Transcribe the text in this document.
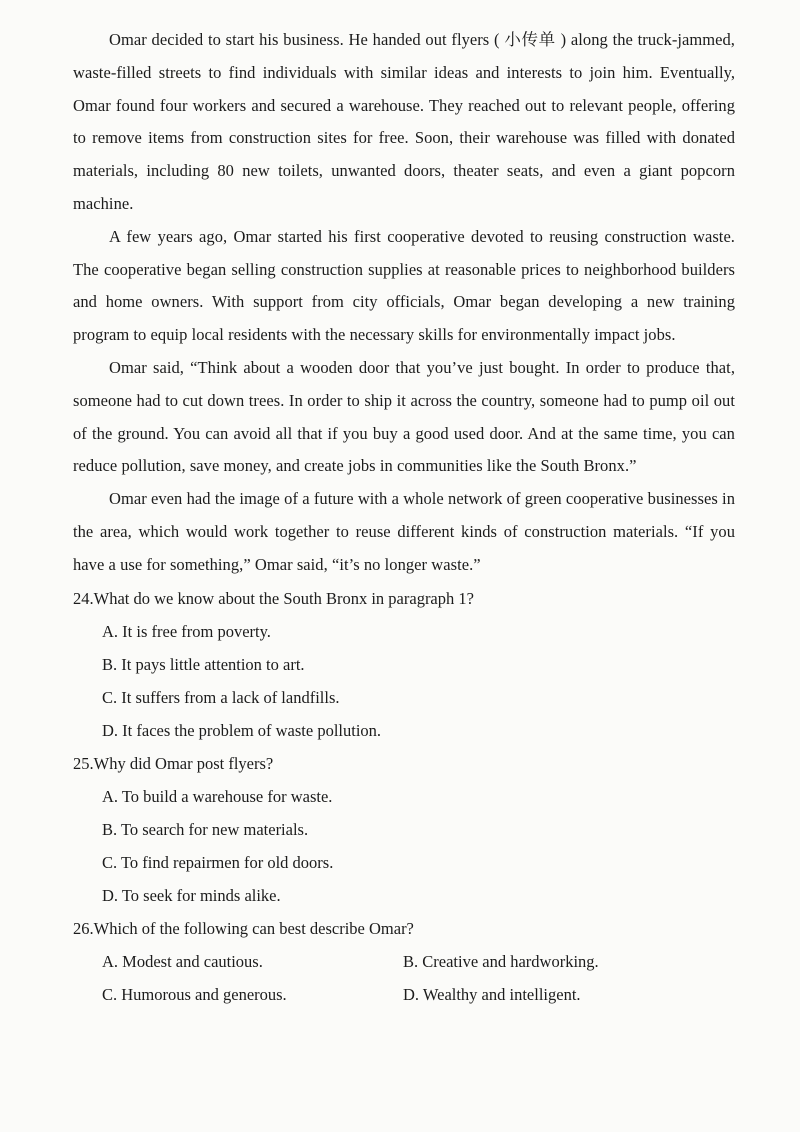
Omar decided to start his business. He handed out flyers ( 小传单 ) along the truck-jammed, waste-filled streets to find individuals with similar ideas and interests to join him. Eventually, Omar found four workers and secured a warehouse. They reached out to relevant people, offering to remove items from construction sites for free. Soon, their warehouse was filled with donated materials, including 80 new toilets, unwanted doors, theater seats, and even a giant popcorn machine.

A few years ago, Omar started his first cooperative devoted to reusing construction waste. The cooperative began selling construction supplies at reasonable prices to neighborhood builders and home owners. With support from city officials, Omar began developing a new training program to equip local residents with the necessary skills for environmentally impact jobs.

Omar said, “Think about a wooden door that you’ve just bought. In order to produce that, someone had to cut down trees. In order to ship it across the country, someone had to pump oil out of the ground. You can avoid all that if you buy a good used door. And at the same time, you can reduce pollution, save money, and create jobs in communities like the South Bronx.”

Omar even had the image of a future with a whole network of green cooperative businesses in the area, which would work together to reuse different kinds of construction materials. “If you have a use for something,” Omar said, “it’s no longer waste.”

24.What do we know about the South Bronx in paragraph 1?

A. It is free from poverty.

B. It pays little attention to art.

C. It suffers from a lack of landfills.

D. It faces the problem of waste pollution.

25.Why did Omar post flyers?

A. To build a warehouse for waste.

B. To search for new materials.

C. To find repairmen for old doors.

D. To seek for minds alike.

26.Which of the following can best describe Omar?

A. Modest and cautious.	B. Creative and hardworking.
C. Humorous and generous.	D. Wealthy and intelligent.
